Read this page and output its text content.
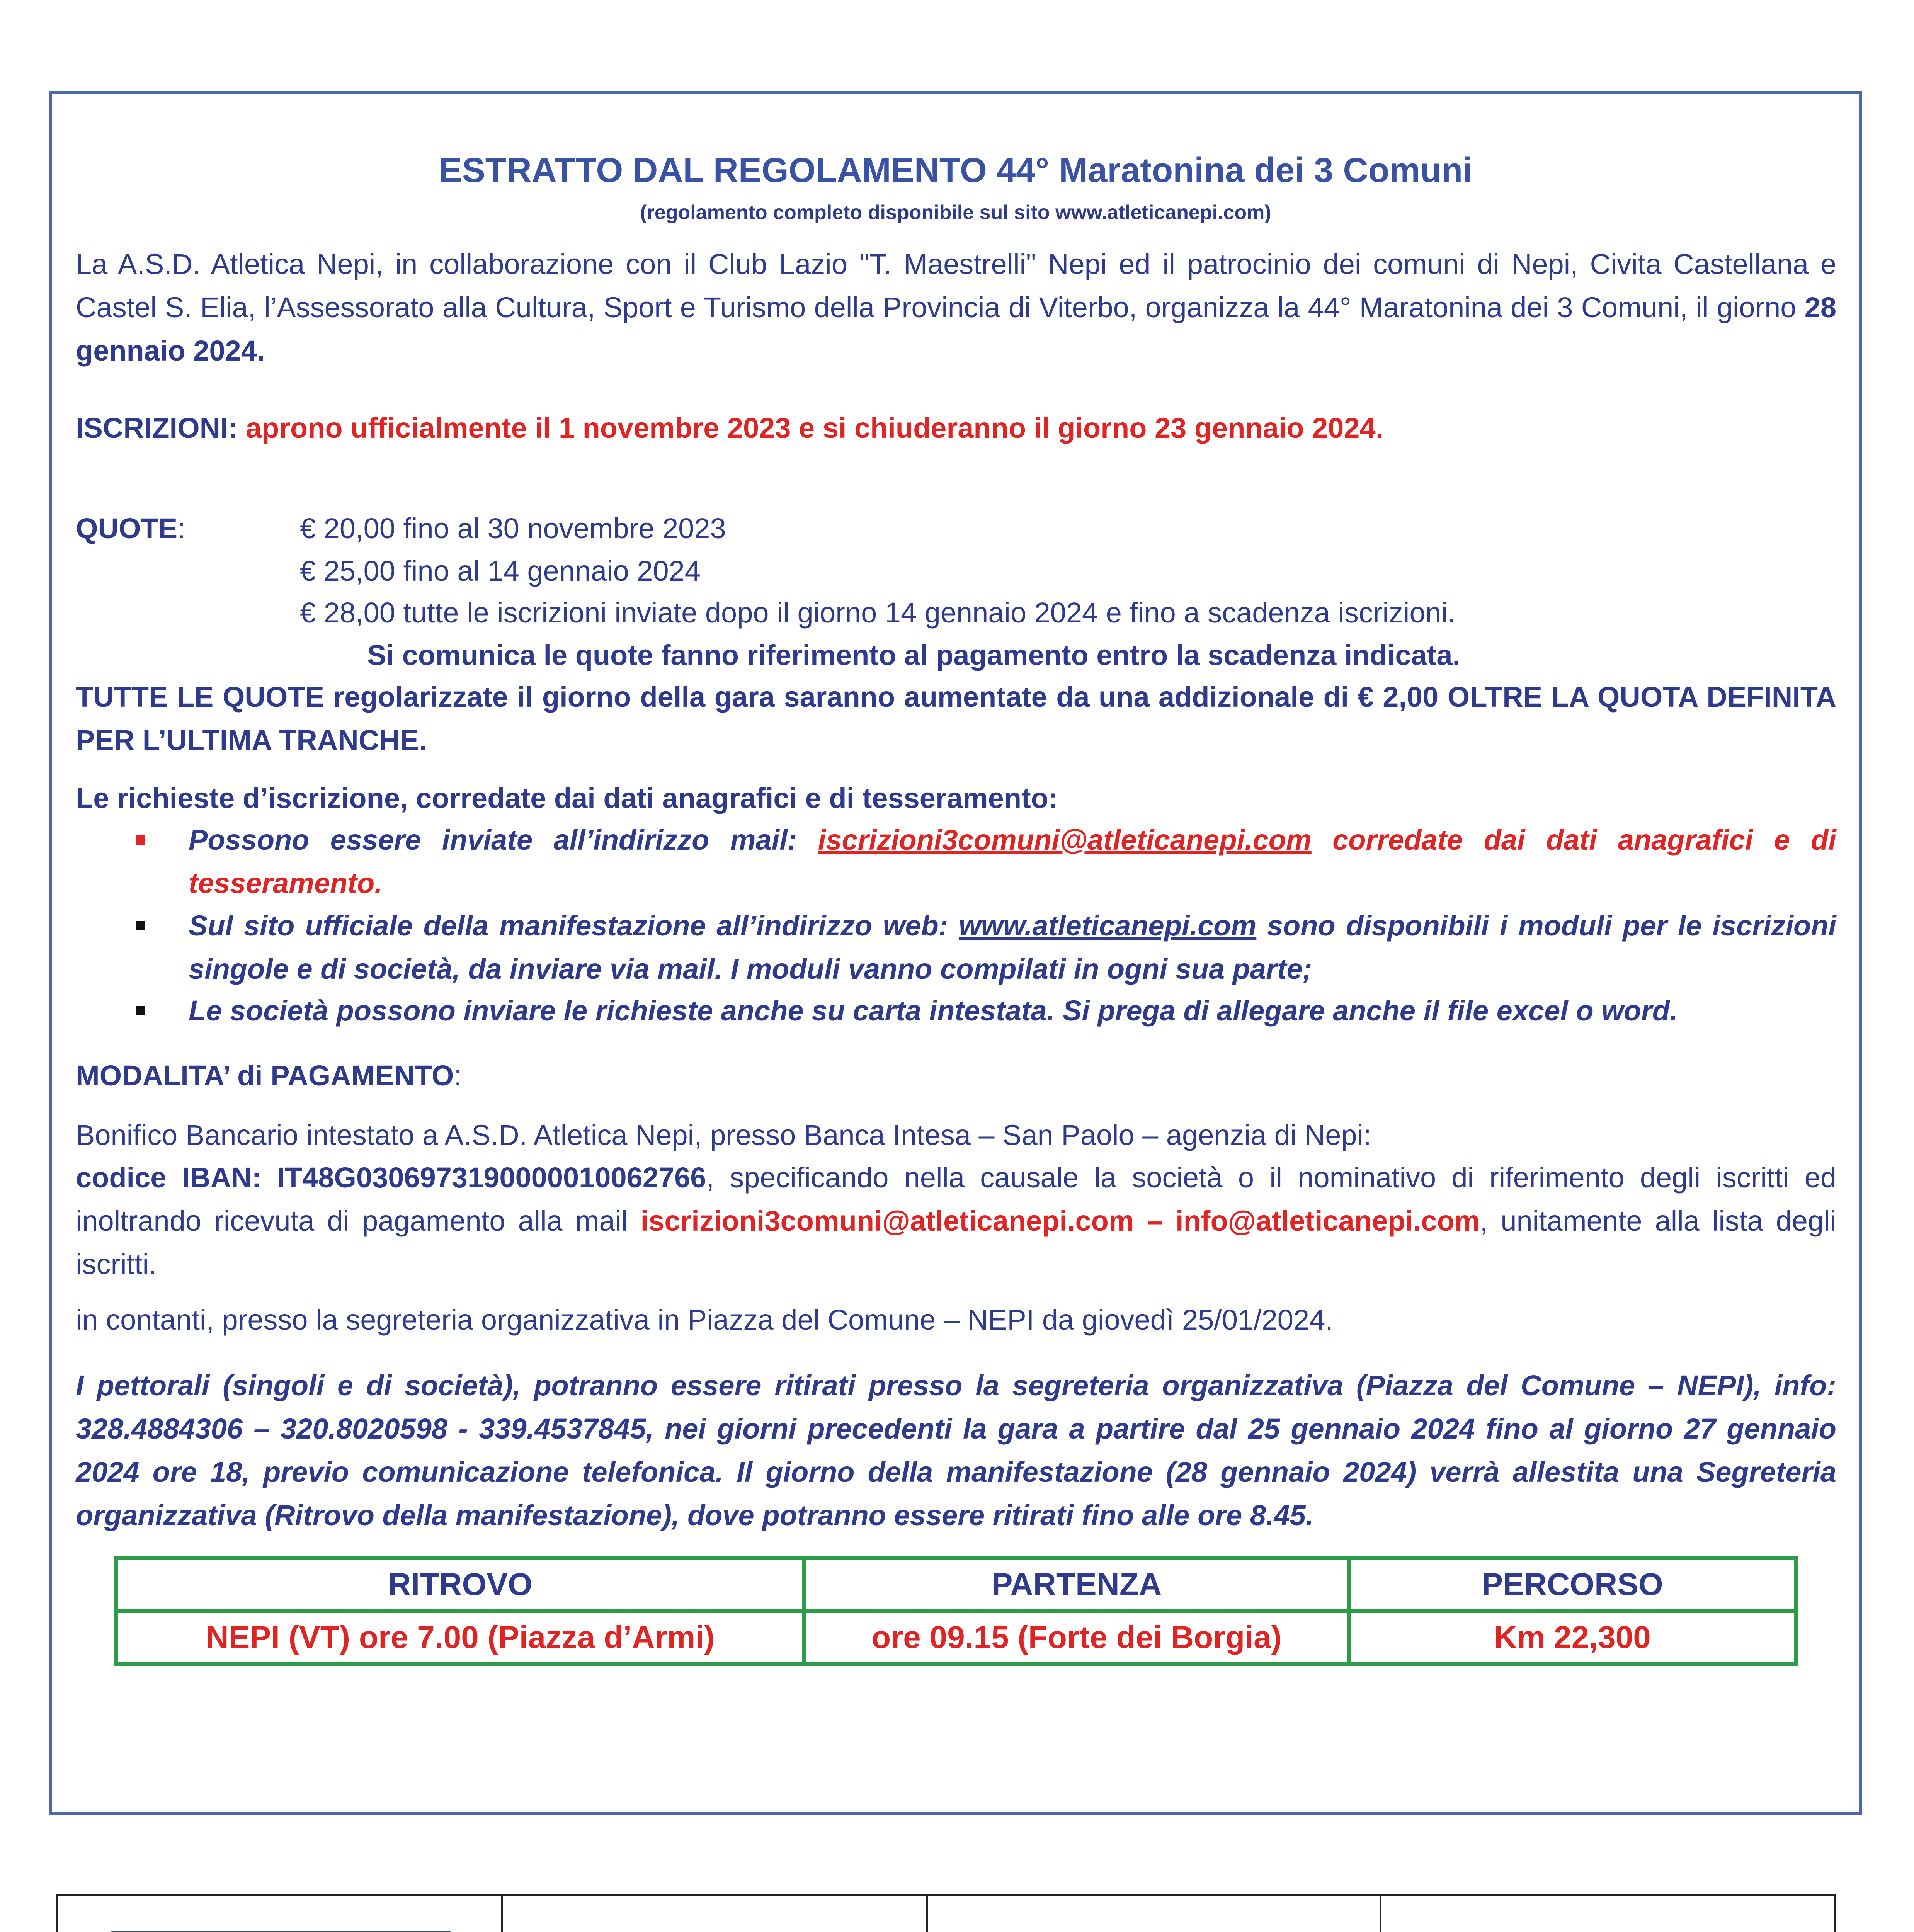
ESTRATTO DAL REGOLAMENTO 44° Maratonina dei 3 Comuni
(regolamento completo disponibile sul sito www.atleticanepi.com)
La A.S.D. Atletica Nepi, in collaborazione con il Club Lazio "T. Maestrelli" Nepi ed il patrocinio dei comuni di Nepi, Civita Castellana e Castel S. Elia, l’Assessorato alla Cultura, Sport e Turismo della Provincia di Viterbo, organizza la 44° Maratonina dei 3 Comuni, il giorno 28 gennaio 2024.
ISCRIZIONI: aprono ufficialmente il 1 novembre 2023 e si chiuderanno il giorno 23 gennaio 2024.
QUOTE:	€ 20,00 fino al 30 novembre 2023
€ 25,00 fino al 14 gennaio 2024
€ 28,00 tutte le iscrizioni inviate dopo il giorno 14 gennaio 2024 e fino a scadenza iscrizioni.
Si comunica le quote fanno riferimento al pagamento entro la scadenza indicata.
TUTTE LE QUOTE regolarizzate il giorno della gara saranno aumentate da una addizionale di € 2,00 OLTRE LA QUOTA DEFINITA PER L’ULTIMA TRANCHE.
Le richieste d’iscrizione, corredate dai dati anagrafici e di tesseramento:
Possono essere inviate all’indirizzo mail: iscrizioni3comuni@atleticanepi.com corredate dai dati anagrafici e di tesseramento.
Sul sito ufficiale della manifestazione all’indirizzo web: www.atleticanepi.com sono disponibili i moduli per le iscrizioni singole e di società, da inviare via mail. I moduli vanno compilati in ogni sua parte;
Le società possono inviare le richieste anche su carta intestata. Si prega di allegare anche il file excel o word.
MODALITA’ di PAGAMENTO:
Bonifico Bancario intestato a A.S.D. Atletica Nepi, presso Banca Intesa – San Paolo – agenzia di Nepi:
codice IBAN: IT48G0306973190000010062766, specificando nella causale la società o il nominativo di riferimento degli iscritti ed inoltrando ricevuta di pagamento alla mail iscrizioni3comuni@atleticanepi.com – info@atleticanepi.com, unitamente alla lista degli iscritti.
in contanti, presso la segreteria organizzativa in Piazza del Comune – NEPI da giovedì 25/01/2024.
I pettorali (singoli e di società), potranno essere ritirati presso la segreteria organizzativa (Piazza del Comune – NEPI), info: 328.4884306 – 320.8020598 - 339.4537845, nei giorni precedenti la gara a partire dal 25 gennaio 2024 fino al giorno 27 gennaio 2024 ore 18, previo comunicazione telefonica. Il giorno della manifestazione (28 gennaio 2024) verrà allestita una Segreteria organizzativa (Ritrovo della manifestazione), dove potranno essere ritirati fino alle ore 8.45.
RITROVO	PARTENZA	PERCORSO
NEPI (VT) ore 7.00 (Piazza d’Armi)	ore 09.15 (Forte dei Borgia)	Km 22,300
